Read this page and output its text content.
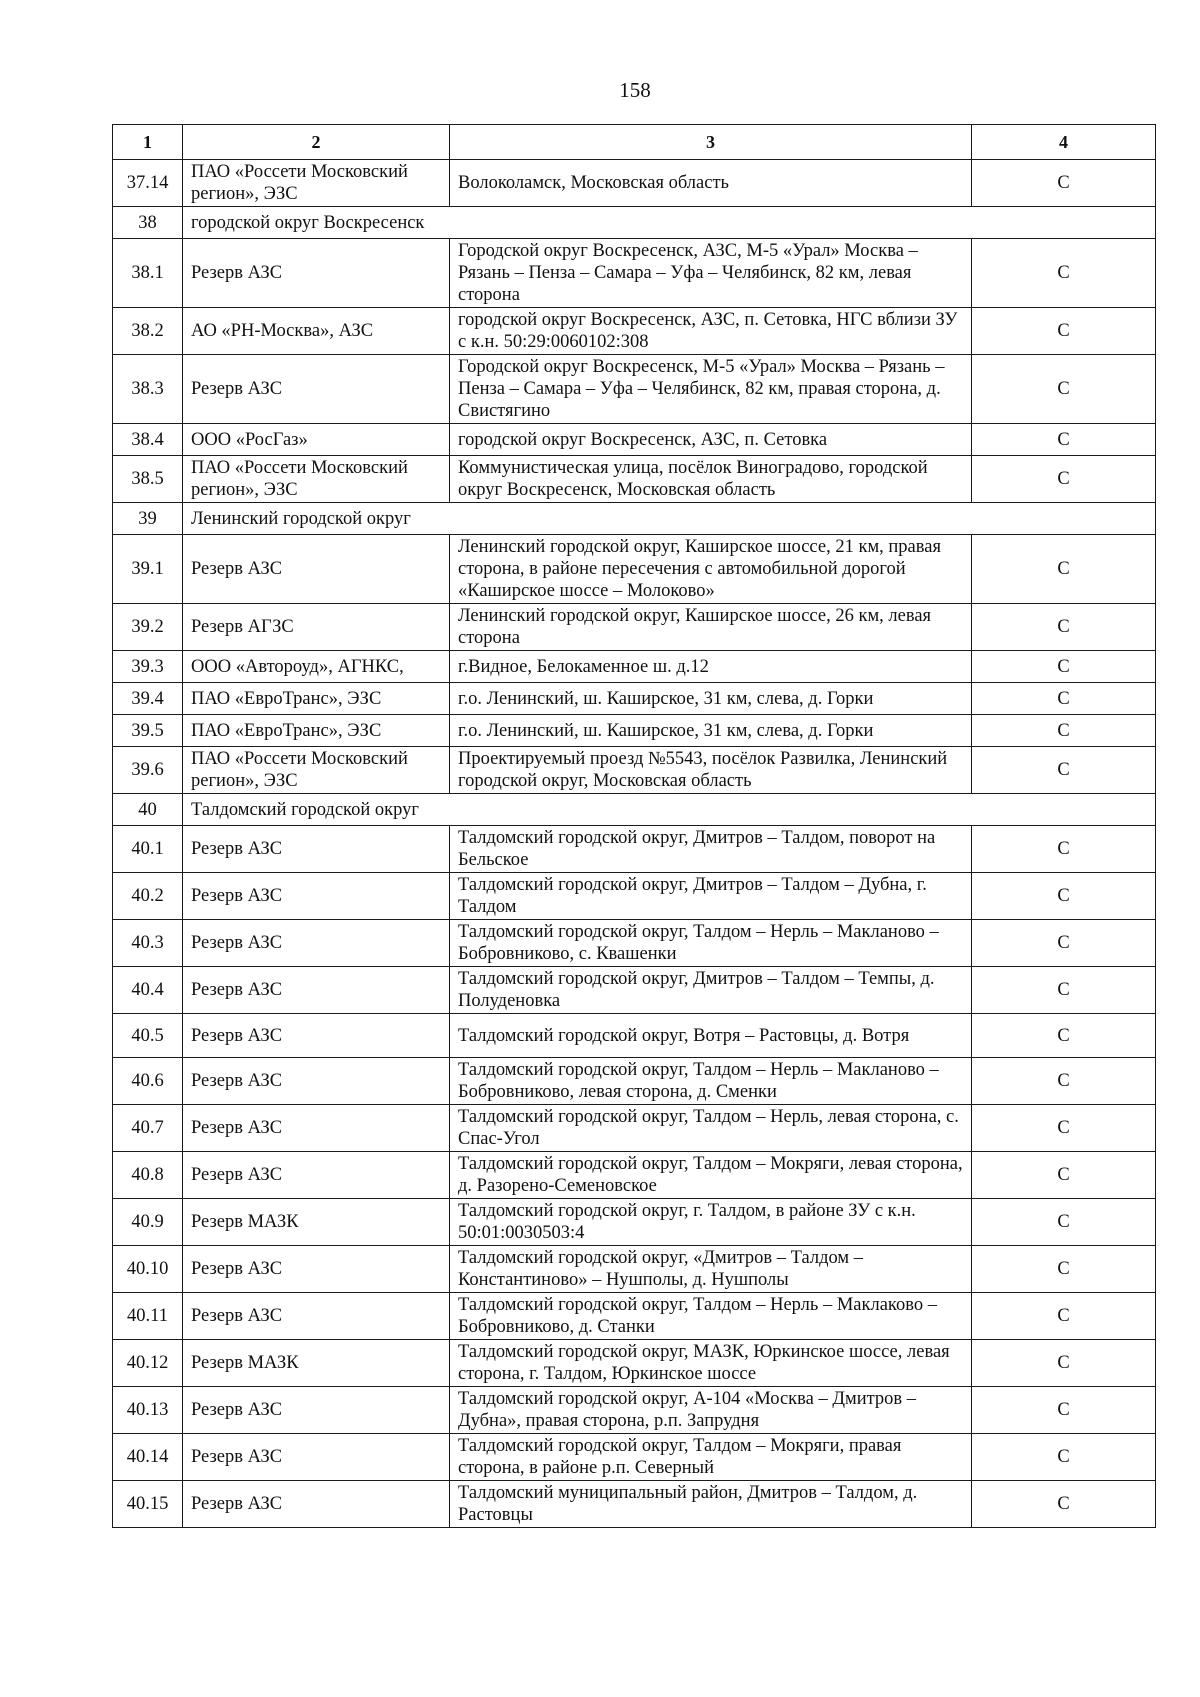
158
1	2	3	4
37.14	ПАО «Россети Московский регион», ЭЗС	Волоколамск, Московская область	С
38	городской округ Воскресенск		
38.1	Резерв АЗС	Городской округ Воскресенск, АЗС, М-5 «Урал» Москва – Рязань – Пенза – Самара – Уфа – Челябинск, 82 км, левая сторона	С
38.2	АО «РН-Москва», АЗС	городской округ Воскресенск, АЗС, п. Сетовка, НГС вблизи ЗУ с к.н. 50:29:0060102:308	С
38.3	Резерв АЗС	Городской округ Воскресенск, М-5 «Урал» Москва – Рязань – Пенза – Самара – Уфа – Челябинск, 82 км, правая сторона, д. Свистягино	С
38.4	ООО «РосГаз»	городской округ Воскресенск, АЗС, п. Сетовка	С
38.5	ПАО «Россети Московский регион», ЭЗС	Коммунистическая улица, посёлок Виноградово, городской округ Воскресенск, Московская область	С
39	Ленинский городской округ		
39.1	Резерв АЗС	Ленинский городской округ, Каширское шоссе, 21 км, правая сторона, в районе пересечения с автомобильной дорогой «Каширское шоссе – Молоково»	С
39.2	Резерв АГЗС	Ленинский городской округ, Каширское шоссе, 26 км, левая сторона	С
39.3	ООО «Автороуд», АГНКС,	г.Видное, Белокаменное ш. д.12	С
39.4	ПАО «ЕвроТранс», ЭЗС	г.о. Ленинский, ш. Каширское, 31 км, слева, д. Горки	С
39.5	ПАО «ЕвроТранс», ЭЗС	г.о. Ленинский, ш. Каширское, 31 км, слева, д. Горки	С
39.6	ПАО «Россети Московский регион», ЭЗС	Проектируемый проезд №5543, посёлок Развилка, Ленинский городской округ, Московская область	С
40	Талдомский городской округ		
40.1	Резерв АЗС	Талдомский городской округ, Дмитров – Талдом, поворот на Бельское	С
40.2	Резерв АЗС	Талдомский городской округ, Дмитров – Талдом – Дубна, г. Талдом	С
40.3	Резерв АЗС	Талдомский городской округ, Талдом – Нерль – Макланово – Бобровниково, с. Квашенки	С
40.4	Резерв АЗС	Талдомский городской округ, Дмитров – Талдом – Темпы, д. Полуденовка	С
40.5	Резерв АЗС	Талдомский городской округ, Вотря – Растовцы, д. Вотря	С
40.6	Резерв АЗС	Талдомский городской округ, Талдом – Нерль – Макланово – Бобровниково, левая сторона, д. Сменки	С
40.7	Резерв АЗС	Талдомский городской округ, Талдом – Нерль, левая сторона, с. Спас-Угол	С
40.8	Резерв АЗС	Талдомский городской округ, Талдом – Мокряги, левая сторона, д. Разорено-Семеновское	С
40.9	Резерв МАЗК	Талдомский городской округ, г. Талдом, в районе ЗУ с к.н. 50:01:0030503:4	С
40.10	Резерв АЗС	Талдомский городской округ, «Дмитров – Талдом – Константиново» – Нушполы, д. Нушполы	С
40.11	Резерв АЗС	Талдомский городской округ, Талдом – Нерль – Маклаково – Бобровниково, д. Станки	С
40.12	Резерв МАЗК	Талдомский городской округ, МАЗК, Юркинское шоссе, левая сторона, г. Талдом, Юркинское шоссе	С
40.13	Резерв АЗС	Талдомский городской округ, А-104 «Москва – Дмитров – Дубна», правая сторона, р.п. Запрудня	С
40.14	Резерв АЗС	Талдомский городской округ, Талдом – Мокряги, правая сторона, в районе р.п. Северный	С
40.15	Резерв АЗС	Талдомский муниципальный район, Дмитров – Талдом, д. Растовцы	С
